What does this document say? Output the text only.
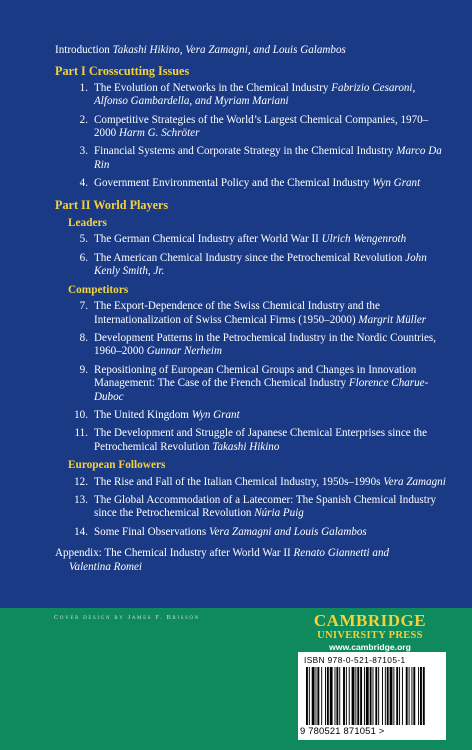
Introduction Takashi Hikino, Vera Zamagni, and Louis Galambos
Part I Crosscutting Issues
1. The Evolution of Networks in the Chemical Industry Fabrizio Cesaroni, Alfonso Gambardella, and Myriam Mariani
2. Competitive Strategies of the World’s Largest Chemical Companies, 1970–2000 Harm G. Schröter
3. Financial Systems and Corporate Strategy in the Chemical Industry Marco Da Rin
4. Government Environmental Policy and the Chemical Industry Wyn Grant
Part II World Players
Leaders
5. The German Chemical Industry after World War II Ulrich Wengenroth
6. The American Chemical Industry since the Petrochemical Revolution John Kenly Smith, Jr.
Competitors
7. The Export-Dependence of the Swiss Chemical Industry and the Internationalization of Swiss Chemical Firms (1950–2000) Margrit Müller
8. Development Patterns in the Petrochemical Industry in the Nordic Countries, 1960–2000 Gunnar Nerheim
9. Repositioning of European Chemical Groups and Changes in Innovation Management: The Case of the French Chemical Industry Florence Charue-Duboc
10. The United Kingdom Wyn Grant
11. The Development and Struggle of Japanese Chemical Enterprises since the Petrochemical Revolution Takashi Hikino
European Followers
12. The Rise and Fall of the Italian Chemical Industry, 1950s–1990s Vera Zamagni
13. The Global Accommodation of a Latecomer: The Spanish Chemical Industry since the Petrochemical Revolution Núria Puig
14. Some Final Observations Vera Zamagni and Louis Galambos
Appendix: The Chemical Industry after World War II Renato Giannetti and
Valentina Romei
Cover design by James F. Brisson	CAMBRIDGE
UNIVERSITY PRESS
www.cambridge.org
ISBN 978-0-521-87105-1
9 780521 871051 >
